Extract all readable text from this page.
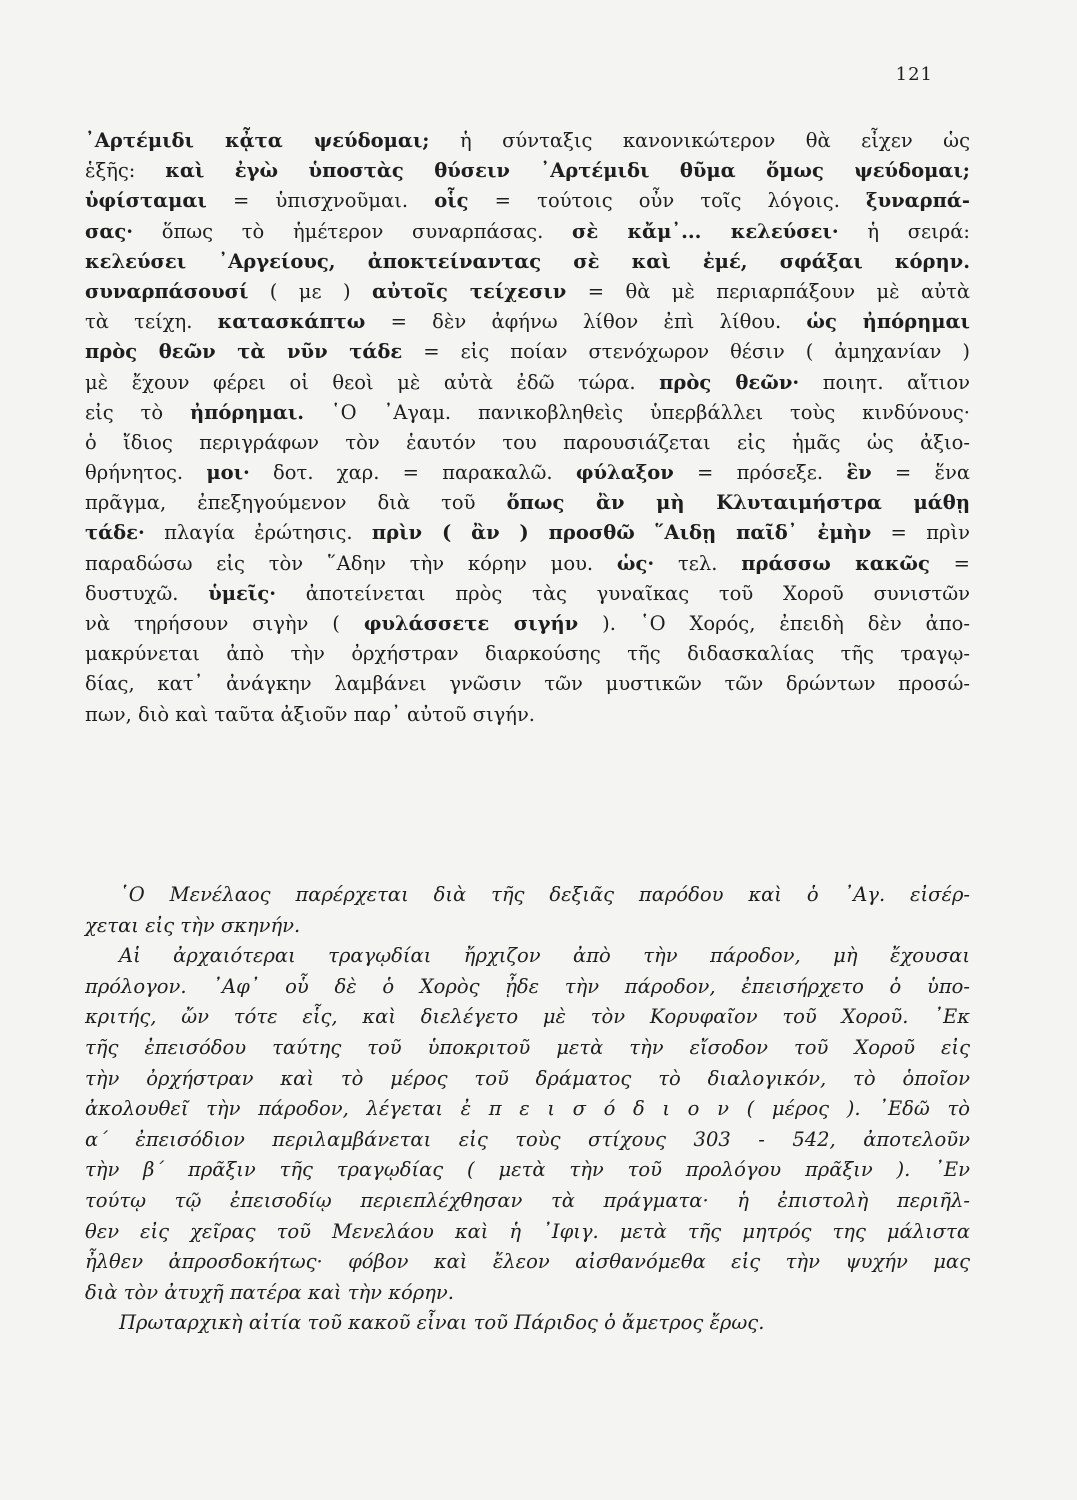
121
᾽Αρτέμιδι κᾆτα ψεύδομαι; ἡ σύνταξις κανονικώτερον θὰ εἶχεν ὡς
ἑξῆς: καὶ ἐγὼ ὑποστὰς θύσειν ᾽Αρτέμιδι θῦμα ὅμως ψεύδομαι;
ὑφίσταμαι = ὑπισχνοῦμαι. οἷς = τούτοις οὖν τοῖς λόγοις. ξυναρπά-
σας· ὅπως τὸ ἡμέτερον συναρπάσας. σὲ κἄμ᾽... κελεύσει· ἡ σειρά:
κελεύσει ᾽Αργείους, ἀποκτείναντας σὲ καὶ ἐμέ, σφάξαι κόρην.
συναρπάσουσί ( με ) αὐτοῖς τείχεσιν = θὰ μὲ περιαρπάξουν μὲ αὐτὰ
τὰ τείχη. κατασκάπτω = δὲν ἀφήνω λίθον ἐπὶ λίθου. ὡς ἠπόρημαι
πρὸς θεῶν τὰ νῦν τάδε = εἰς ποίαν στενόχωρον θέσιν ( ἀμηχανίαν )
μὲ ἔχουν φέρει οἱ θεοὶ μὲ αὐτὰ ἐδῶ τώρα. πρὸς θεῶν· ποιητ. αἴτιον
εἰς τὸ ἠπόρημαι. ῾Ο ᾽Αγαμ. πανικοβληθεὶς ὑπερβάλλει τοὺς κινδύνους·
ὁ ἴδιος περιγράφων τὸν ἑαυτόν του παρουσιάζεται εἰς ἡμᾶς ὡς ἀξιο-
θρήνητος. μοι· δοτ. χαρ. = παρακαλῶ. φύλαξον = πρόσεξε. ἓν = ἕνα
πρᾶγμα, ἐπεξηγούμενον διὰ τοῦ ὅπως ἂν μὴ Κλυταιμήστρα μάθῃ
τάδε· πλαγία ἐρώτησις. πρὶν ( ἂν ) προσθῶ ῞Αιδῃ παῖδ᾽ ἐμὴν = πρὶν
παραδώσω εἰς τὸν ῞Αδην τὴν κόρην μου. ὡς· τελ. πράσσω κακῶς =
δυστυχῶ. ὑμεῖς· ἀποτείνεται πρὸς τὰς γυναῖκας τοῦ Χοροῦ συνιστῶν
νὰ τηρήσουν σιγὴν ( φυλάσσετε σιγήν ). ῾Ο Χορός, ἐπειδὴ δὲν ἀπο-
μακρύνεται ἀπὸ τὴν ὀρχήστραν διαρκούσης τῆς διδασκαλίας τῆς τραγῳ-
δίας, κατ᾽ ἀνάγκην λαμβάνει γνῶσιν τῶν μυστικῶν τῶν δρώντων προσώ-
πων, διὸ καὶ ταῦτα ἀξιοῦν παρ᾽ αὐτοῦ σιγήν.
῾Ο Μενέλαος παρέρχεται διὰ τῆς δεξιᾶς παρόδου καὶ ὁ ᾽Αγ. εἰσέρ-
χεται εἰς τὴν σκηνήν.
Αἱ ἀρχαιότεραι τραγῳδίαι ἤρχιζον ἀπὸ τὴν πάροδον, μὴ ἔχουσαι
πρόλογον. ᾽Αφ᾽ οὗ δὲ ὁ Χορὸς ᾖδε τὴν πάροδον, ἐπεισήρχετο ὁ ὑπο-
κριτής, ὤν τότε εἷς, καὶ διελέγετο μὲ τὸν Κορυφαῖον τοῦ Χοροῦ. ᾽Εκ
τῆς ἐπεισόδου ταύτης τοῦ ὑποκριτοῦ μετὰ τὴν εἴσοδον τοῦ Χοροῦ εἰς
τὴν ὀρχήστραν καὶ τὸ μέρος τοῦ δράματος τὸ διαλογικόν, τὸ ὁποῖον
ἀκολουθεῖ τὴν πάροδον, λέγεται ἐ π ε ι σ ό δ ι ο ν ( μέρος ). ᾽Εδῶ τὸ
α´ ἐπεισόδιον περιλαμβάνεται εἰς τοὺς στίχους 303 - 542, ἀποτελοῦν
τὴν β´ πρᾶξιν τῆς τραγῳδίας ( μετὰ τὴν τοῦ προλόγου πρᾶξιν ). ᾽Εν
τούτῳ τῷ ἐπεισοδίῳ περιεπλέχθησαν τὰ πράγματα· ἡ ἐπιστολὴ περιῆλ-
θεν εἰς χεῖρας τοῦ Μενελάου καὶ ἡ ᾽Ιφιγ. μετὰ τῆς μητρός της μάλιστα
ἦλθεν ἀπροσδοκήτως· φόβον καὶ ἔλεον αἰσθανόμεθα εἰς τὴν ψυχήν μας
διὰ τὸν ἀτυχῆ πατέρα καὶ τὴν κόρην.
Πρωταρχικὴ αἰτία τοῦ κακοῦ εἶναι τοῦ Πάριδος ὁ ἄμετρος ἔρως.
